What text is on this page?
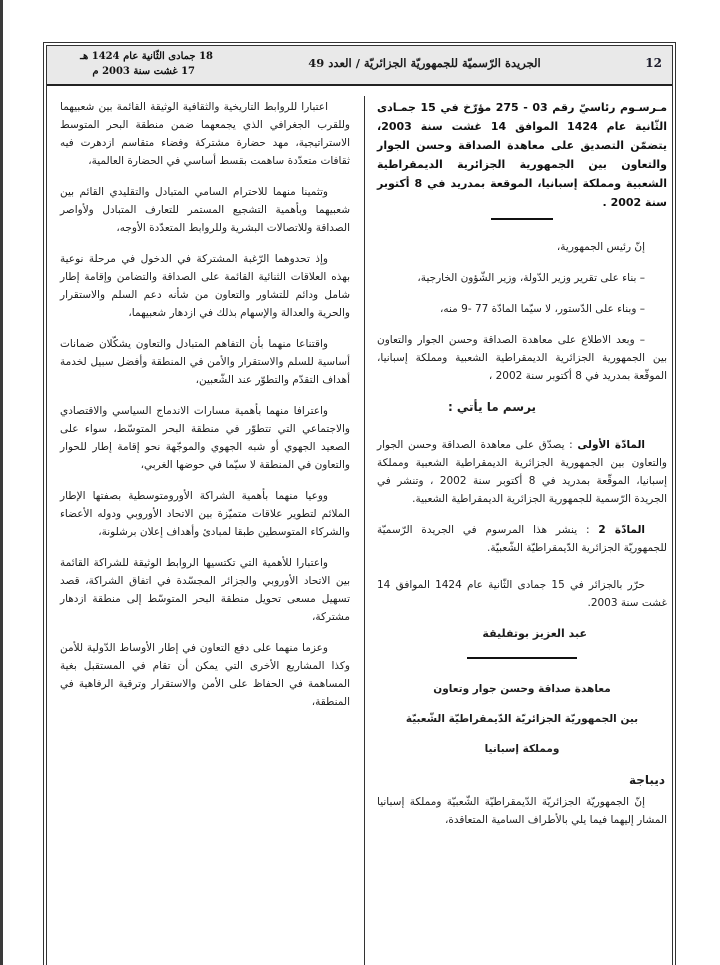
12
الجريدة الرّسميّة للجمهوريّة الجزائريّة / العدد 49
18 جمادى الثّانية عام 1424 هـ
17 غشت سنة 2003 م

مـرسـوم رئاسيّ رقم 03 - 275 مؤرّخ في 15 جمـادى الثّانية عام 1424 الموافق 14 غشت سنة 2003، يتضمّن التصديق على معاهدة الصداقة وحسن الجوار والتعاون بين الجمهورية الجزائرية الديمقراطية الشعبية ومملكة إسبانيا، الموقعة بمدريد في 8 أكتوبر سنة 2002 .

إنّ رئيس الجمهورية،

– بناء على تقرير وزير الدّولة، وزير الشّؤون الخارجية،

– وبناء على الدّستور، لا سيّما المادّة 77 -9 منه،

– وبعد الاطلاع على معاهدة الصداقة وحسن الجوار والتعاون بين الجمهورية الجزائرية الديمقراطية الشعبية ومملكة إسبانيا، الموقّعة بمدريد في 8 أكتوبر سنة 2002 ،

يرسم ما يأتي :

المادّة الأولى : يصدّق على معاهدة الصداقة وحسن الجوار والتعاون بين الجمهورية الجزائرية الديمقراطية الشعبية ومملكة إسبانيا، الموقّعة بمدريد في 8 أكتوبر سنة 2002 ، وتنشر في الجريدة الرّسمية للجمهورية الجزائرية الديمقراطية الشعبية.

المادّة 2 : ينشر هذا المرسوم في الجريدة الرّسميّة للجمهوريّة الجزائرية الدّيمقراطيّة الشّعبيّة.

حرّر بالجزائر في 15 جمادى الثّانية عام 1424 الموافق 14 غشت سنة 2003.

عبد العزيز بوتفليقة

معاهدة صداقة وحسن جوار وتعاون

بين الجمهوريّة الجزائريّة الدّيمقراطيّة الشّعبيّة

ومملكة إسبانيا

ديباجة

إنّ الجمهوريّة الجزائريّة الدّيمقراطيّة الشّعبيّة ومملكة إسبانيا المشار إليهما فيما يلي بالأطراف السامية المتعاقدة،

اعتبارا للروابط التاريخية والثقافية الوثيقة القائمة بين شعبيهما وللقرب الجغرافي الذي يجمعهما ضمن منطقة البحر المتوسط الاستراتيجية، مهد حضارة مشتركة وفضاء متقاسم ازدهرت فيه ثقافات متعدّدة ساهمت بقسط أساسي في الحضارة العالمية،

وتثمينا منهما للاحترام السامي المتبادل والتقليدي القائم بين شعبيهما وبأهمية التشجيع المستمر للتعارف المتبادل ولأواصر الصداقة وللاتصالات البشرية وللروابط المتعدّدة الأوجه،

وإذ تحدوهما الرّغبة المشتركة في الدخول في مرحلة نوعية بهذه العلاقات الثنائية القائمة على الصداقة والتضامن وإقامة إطار شامل ودائم للتشاور والتعاون من شأنه دعم السلم والاستقرار والحرية والعدالة والإسهام بذلك في ازدهار شعبيهما،

واقتناعا منهما بأن التفاهم المتبادل والتعاون يشكّلان ضمانات أساسية للسلم والاستقرار والأمن في المنطقة وأفضل سبيل لخدمة أهداف التقدّم والتطوّر عند الشّعبين،

واعترافا منهما بأهمية مسارات الاندماج السياسي والاقتصادي والاجتماعي التي تتطوّر في منطقة البحر المتوسّط، سواء على الصعيد الجهوي أو شبه الجهوي والموجّهة نحو إقامة إطار للحوار والتعاون في المنطقة لا سيّما في حوضها الغربي،

ووعيا منهما بأهمية الشراكة الأورومتوسطية بصفتها الإطار الملائم لتطوير علاقات متميّزة بين الاتحاد الأوروبي ودوله الأعضاء والشركاء المتوسطين طبقا لمبادئ وأهداف إعلان برشلونة،

واعتبارا للأهمية التي تكتسيها الروابط الوثيقة للشراكة القائمة بين الاتحاد الأوروبي والجزائر المجسّدة في اتفاق الشراكة، قصد تسهيل مسعى تحويل منطقة البحر المتوسّط إلى منطقة ازدهار مشتركة،

وعزما منهما على دفع التعاون في إطار الأوساط الدّولية للأمن وكذا المشاريع الأخرى التي يمكن أن تقام في المستقبل بغية المساهمة في الحفاظ على الأمن والاستقرار وترقية الرفاهية في المنطقة،
